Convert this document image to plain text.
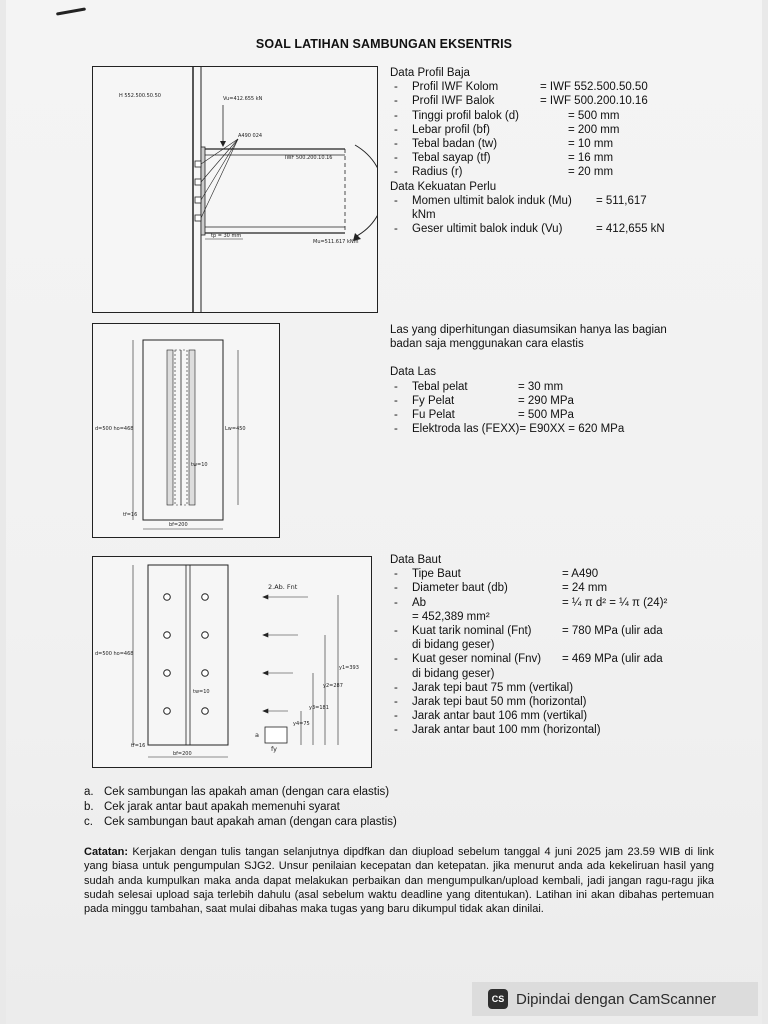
SOAL LATIHAN SAMBUNGAN EKSENTRIS
H 552.500.50.50	Vu=412.655 kN
A490 024
IWF 500.200.10.16
tp = 30 mm
Mu=511.617 kNm
d=500 ho=468	Lw=450
tw=10
tf=16
bf=200
d=500 ho=468
2.Ab. Fnt
y1=393
y2=287
y3=181
y4=75
tw=10
tf=16
bf=200
a
fy
Data Profil Baja
-	Profil IWF Kolom	= IWF 552.500.50.50
-	Profil IWF Balok	= IWF 500.200.10.16
-	Tinggi profil balok (d)	= 500 mm
-	Lebar profil (bf)	= 200 mm
-	Tebal badan (tw)	= 10 mm
-	Tebal sayap (tf)	= 16 mm
-	Radius (r)	= 20 mm
Data Kekuatan Perlu
-	Momen ultimit balok induk (Mu)	= 511,617
kNm
-	Geser ultimit balok induk (Vu)	= 412,655 kN
Las yang diperhitungan diasumsikan hanya las bagian badan saja menggunakan cara elastis
Data Las
-	Tebal pelat	= 30 mm
-	Fy Pelat	= 290 MPa
-	Fu Pelat	= 500 MPa
-	Elektroda las (FEXX) = E90XX = 620 MPa
Data Baut
-	Tipe Baut	= A490
-	Diameter baut (db)	= 24 mm
-	Ab	= ¼ π d² = ¼ π (24)²
= 452,389 mm²
-	Kuat tarik nominal (Fnt)	= 780 MPa (ulir ada
di bidang geser)
-	Kuat geser nominal (Fnv)	= 469 MPa (ulir ada
di bidang geser)
-	Jarak tepi baut 75 mm (vertikal)
-	Jarak tepi baut 50 mm (horizontal)
-	Jarak antar baut 106 mm (vertikal)
-	Jarak antar baut 100 mm (horizontal)
a. Cek sambungan las apakah aman (dengan cara elastis)
b. Cek jarak antar baut apakah memenuhi syarat
c. Cek sambungan baut apakah aman (dengan cara plastis)
Catatan: Kerjakan dengan tulis tangan selanjutnya dipdfkan dan diupload sebelum tanggal 4 juni 2025 jam 23.59 WIB di link yang biasa untuk pengumpulan SJG2. Unsur penilaian kecepatan dan ketepatan. jika menurut anda ada kekeliruan hasil yang sudah anda kumpulkan maka anda dapat melakukan perbaikan dan mengumpulkan/upload kembali, jadi jangan ragu-ragu jika sudah selesai upload saja terlebih dahulu (asal sebelum waktu deadline yang ditentukan). Latihan ini akan dibahas pertemuan pada minggu tambahan, saat mulai dibahas maka tugas yang baru dikumpul tidak akan dinilai.
CS Dipindai dengan CamScanner
